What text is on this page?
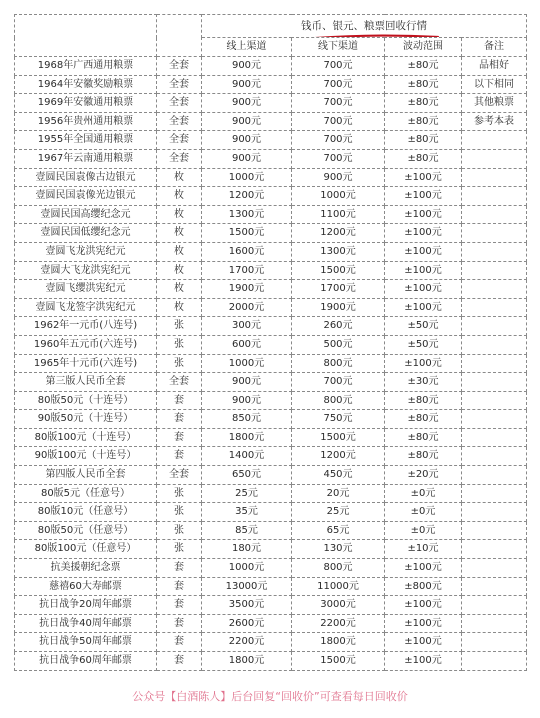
		钱币、银元、粮票回收行情			

		线上渠道	线下渠道	波动范围	备注
1968年广西通用粮票	全套	900元	700元	±80元	品相好
1964年安徽奖励粮票	全套	900元	700元	±80元	以下相同
1969年安徽通用粮票	全套	900元	700元	±80元	其他粮票
1956年贵州通用粮票	全套	900元	700元	±80元	参考本表
1955年全国通用粮票	全套	900元	700元	±80元	
1967年云南通用粮票	全套	900元	700元	±80元	
壹圆民国袁像古边银元	枚	1000元	900元	±100元	
壹圆民国袁像光边银元	枚	1200元	1000元	±100元	
壹圆民国高缨纪念元	枚	1300元	1100元	±100元	
壹圆民国低缨纪念元	枚	1500元	1200元	±100元	
壹圆飞龙洪宪纪元	枚	1600元	1300元	±100元	
壹圆大飞龙洪宪纪元	枚	1700元	1500元	±100元	
壹圆飞缨洪宪纪元	枚	1900元	1700元	±100元	
壹圆飞龙签字洪宪纪元	枚	2000元	1900元	±100元	
1962年一元币(八连号)	张	300元	260元	±50元	
1960年五元币(六连号)	张	600元	500元	±50元	
1965年十元币(六连号)	张	1000元	800元	±100元	
第三版人民币全套	全套	900元	700元	±30元	
80版50元（十连号）	套	900元	800元	±80元	
90版50元（十连号）	套	850元	750元	±80元	
80版100元（十连号）	套	1800元	1500元	±80元	
90版100元（十连号）	套	1400元	1200元	±80元	
第四版人民币全套	全套	650元	450元	±20元	
80版5元（任意号）	张	25元	20元	±0元	
80版10元（任意号）	张	35元	25元	±0元	
80版50元（任意号）	张	85元	65元	±0元	
80版100元（任意号）	张	180元	130元	±10元	
抗美援朝纪念票	套	1000元	800元	±100元	
慈禧60大寿邮票	套	13000元	11000元	±800元	
抗日战争20周年邮票	套	3500元	3000元	±100元	
抗日战争40周年邮票	套	2600元	2200元	±100元	
抗日战争50周年邮票	套	2200元	1800元	±100元	
抗日战争60周年邮票	套	1800元	1500元	±100元	
公众号【白酒陈人】后台回复“回收价”可查看每日回收价
